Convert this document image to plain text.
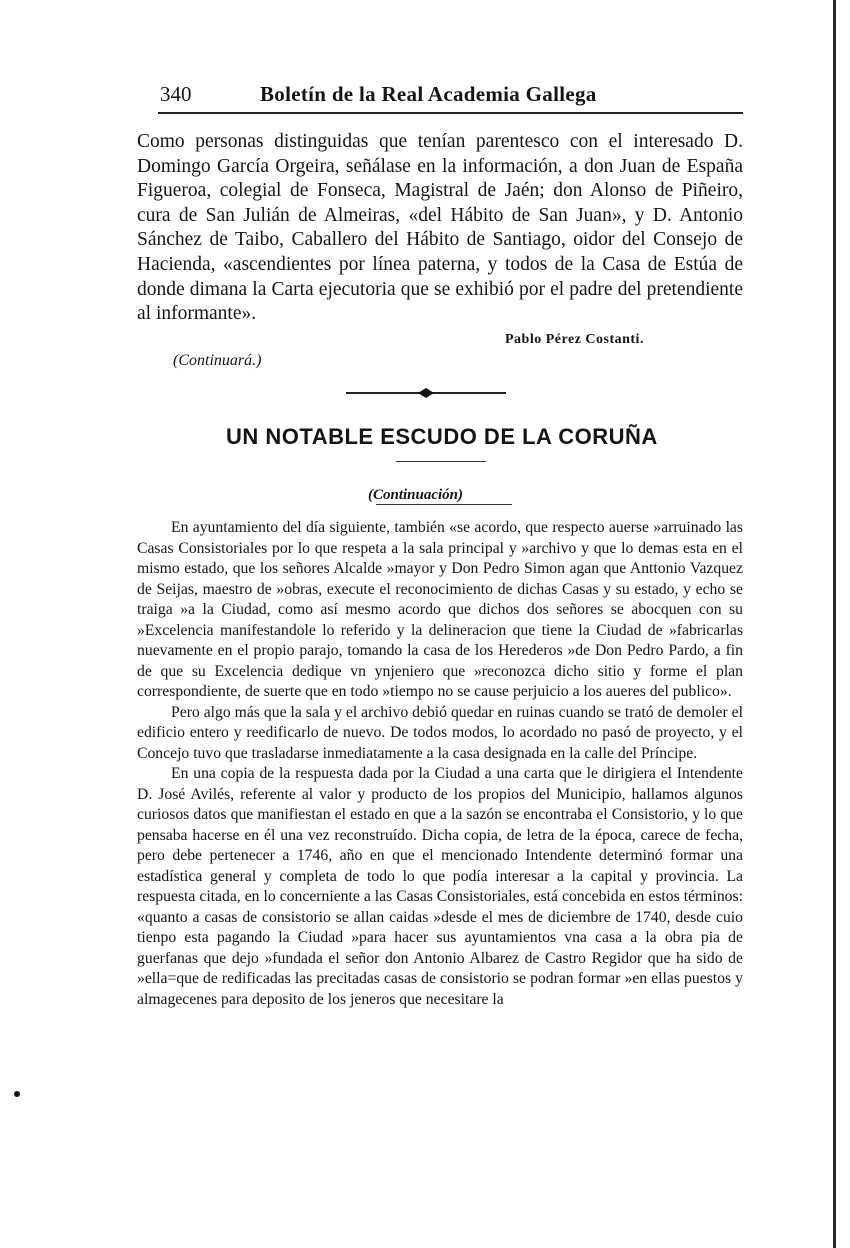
340	Boletín de la Real Academia Gallega

Como personas distinguidas que tenían parentesco con el interesado D. Domingo García Orgeira, señálase en la información, a don Juan de España Figueroa, colegial de Fonseca, Magistral de Jaén; don Alonso de Piñeiro, cura de San Julián de Almeiras, «del Hábito de San Juan», y D. Antonio Sánchez de Taibo, Caballero del Hábito de Santiago, oidor del Consejo de Hacienda, «ascendientes por línea paterna, y todos de la Casa de Estúa de donde dimana la Carta ejecutoria que se exhibió por el padre del pretendiente al informante».

Pablo Pérez Costanti.
(Continuará.)
UN NOTABLE ESCUDO DE LA CORUÑA
(Continuación)

En ayuntamiento del día siguiente, también «se acordo, que respecto auerse »arruinado las Casas Consistoriales por lo que respeta a la sala principal y »archivo y que lo demas esta en el mismo estado, que los señores Alcalde »mayor y Don Pedro Simon agan que Anttonio Vazquez de Seijas, maestro de »obras, execute el reconocimiento de dichas Casas y su estado, y echo se traiga »a la Ciudad, como así mesmo acordo que dichos dos señores se abocquen con su »Excelencia manifestandole lo referido y la delineracion que tiene la Ciudad de »fabricarlas nuevamente en el propio parajo, tomando la casa de los Herederos »de Don Pedro Pardo, a fin de que su Excelencia dedique vn ynjeniero que »reconozca dicho sitio y forme el plan correspondiente, de suerte que en todo »tiempo no se cause perjuicio a los aueres del publico».

Pero algo más que la sala y el archivo debió quedar en ruinas cuando se trató de demoler el edificio entero y reedificarlo de nuevo. De todos modos, lo acordado no pasó de proyecto, y el Concejo tuvo que trasladarse inmediatamente a la casa designada en la calle del Príncipe.

En una copia de la respuesta dada por la Ciudad a una carta que le dirigiera el Intendente D. José Avilés, referente al valor y producto de los propios del Municipio, hallamos algunos curiosos datos que manifiestan el estado en que a la sazón se encontraba el Consistorio, y lo que pensaba hacerse en él una vez reconstruído. Dicha copia, de letra de la época, carece de fecha, pero debe pertenecer a 1746, año en que el mencionado Intendente determinó formar una estadística general y completa de todo lo que podía interesar a la capital y provincia. La respuesta citada, en lo concerniente a las Casas Consistoriales, está concebida en estos términos: «quanto a casas de consistorio se allan caidas »desde el mes de diciembre de 1740, desde cuio tienpo esta pagando la Ciudad »para hacer sus ayuntamientos vna casa a la obra pia de guerfanas que dejo »fundada el señor don Antonio Albarez de Castro Regidor que ha sido de »ella=que de redificadas las precitadas casas de consistorio se podran formar »en ellas puestos y almagecenes para deposito de los jeneros que necesitare la
